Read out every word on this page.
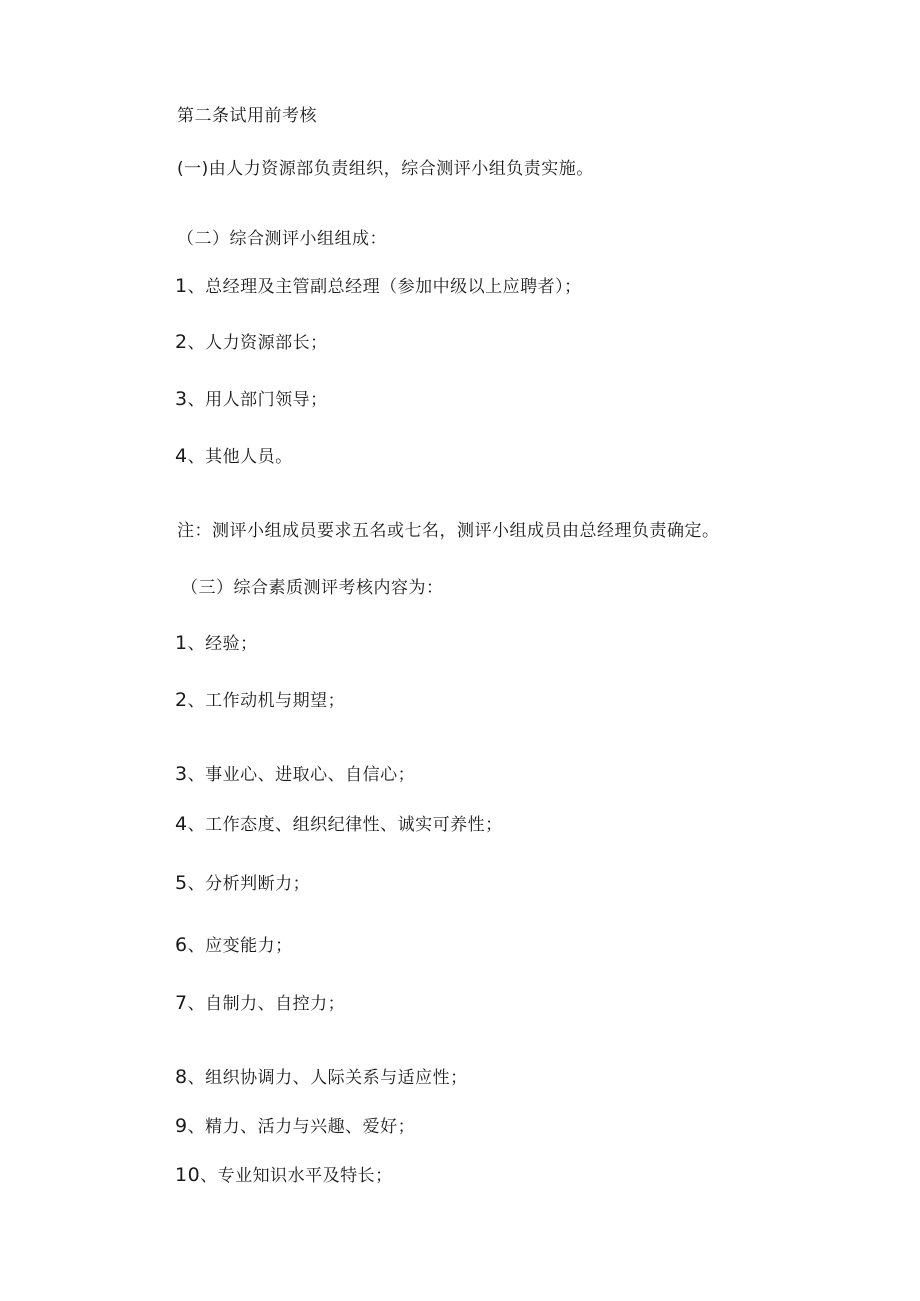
第二条试用前考核
(一)由人力资源部负责组织，综合测评小组负责实施。
（二）综合测评小组组成：
1、总经理及主管副总经理（参加中级以上应聘者）；
2、人力资源部长；
3、用人部门领导；
4、其他人员。
注：测评小组成员要求五名或七名，测评小组成员由总经理负责确定。
（三）综合素质测评考核内容为：
1、经验；
2、工作动机与期望；
3、事业心、进取心、自信心；
4、工作态度、组织纪律性、诚实可养性；
5、分析判断力；
6、应变能力；
7、自制力、自控力；
8、组织协调力、人际关系与适应性；
9、精力、活力与兴趣、爱好；
10、专业知识水平及特长；
